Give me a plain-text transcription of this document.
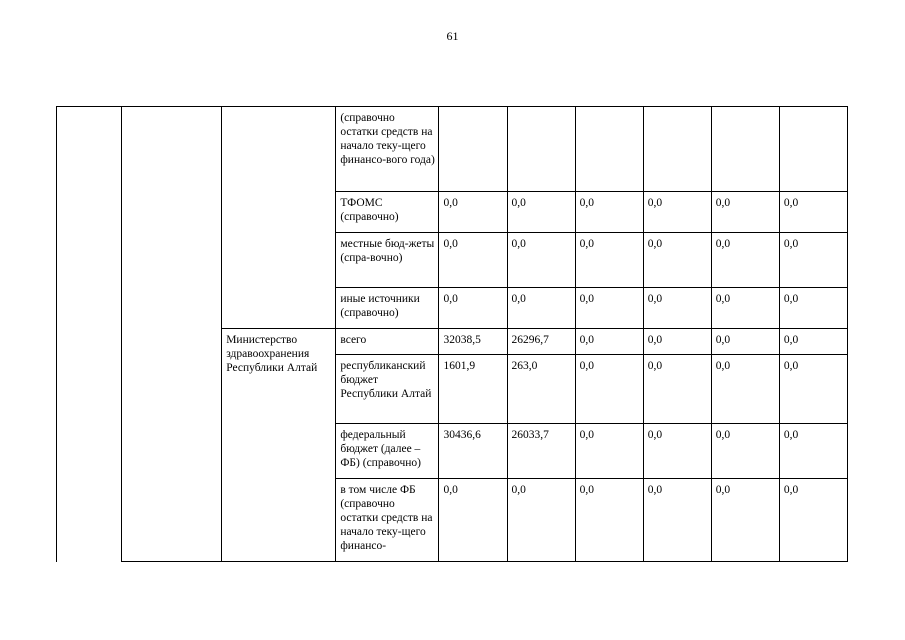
61
			(справочно остатки средств на начало теку-щего финансо-вого года)						
			ТФОМС (справочно)	0,0	0,0	0,0	0,0	0,0	0,0
			местные бюд-жеты (спра-вочно)	0,0	0,0	0,0	0,0	0,0	0,0
			иные источники (справочно)	0,0	0,0	0,0	0,0	0,0	0,0
		Министерство здравоохранения Республики Алтай	всего	32038,5	26296,7	0,0	0,0	0,0	0,0
			республиканский бюджет Республики Алтай	1601,9	263,0	0,0	0,0	0,0	0,0
			федеральный бюджет (далее – ФБ) (справочно)	30436,6	26033,7	0,0	0,0	0,0	0,0
			в том числе ФБ (справочно остатки средств на начало теку-щего финансо-	0,0	0,0	0,0	0,0	0,0	0,0
